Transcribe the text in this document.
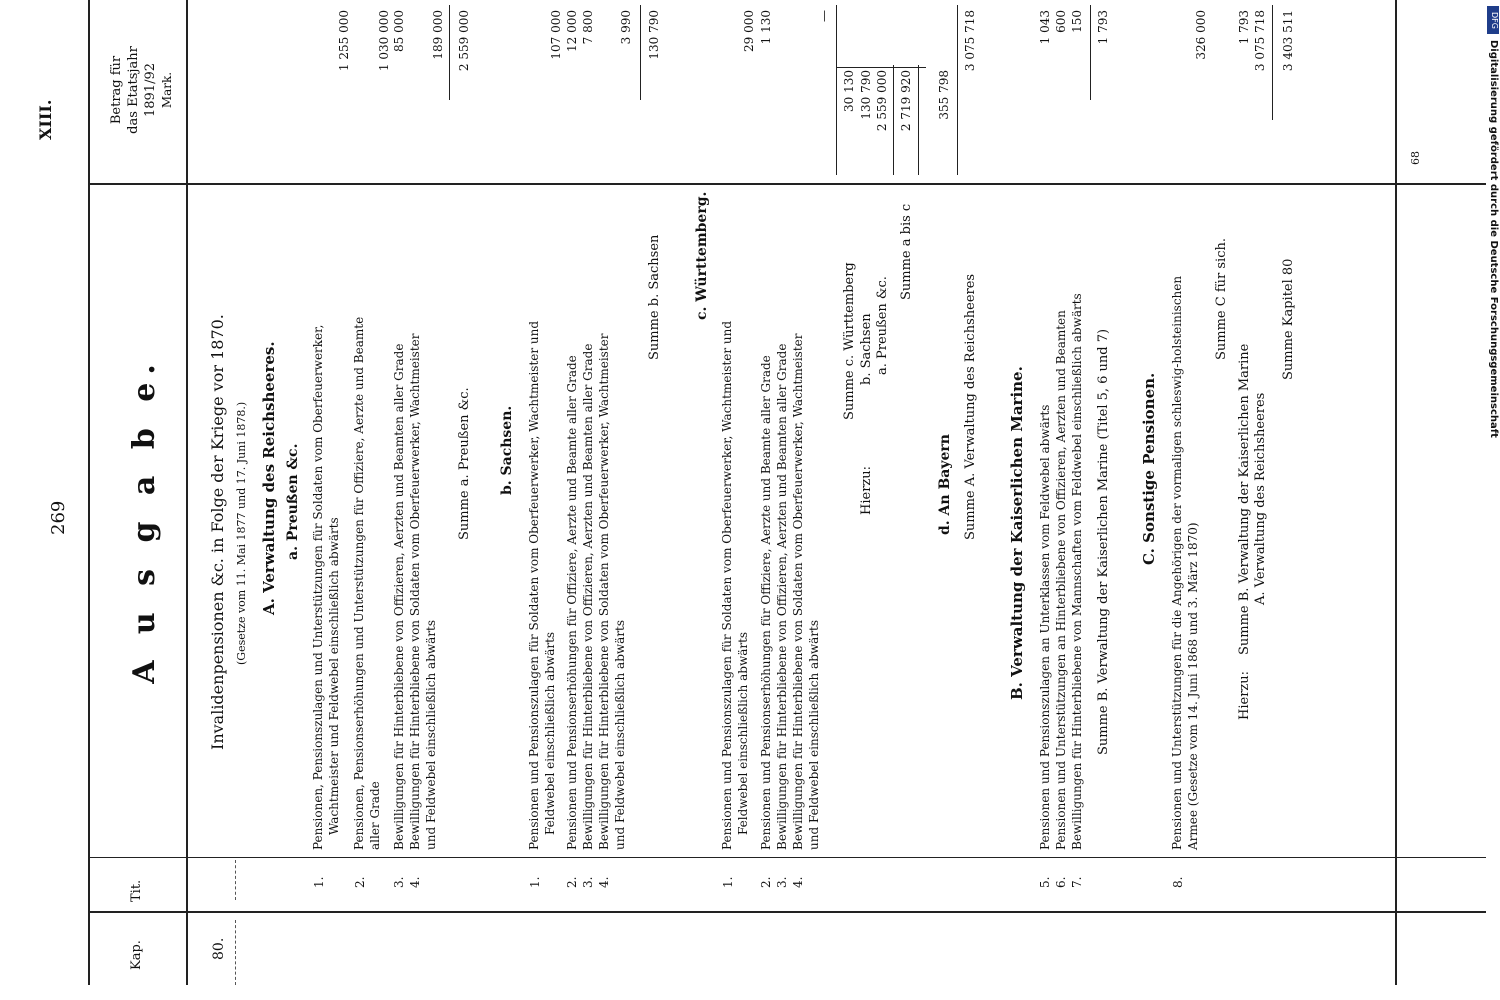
269
XIII.
Kap.
Tit.
Betrag für das Etatsjahr 1891/92 Mark.
A u s g a b e.
80.
Invalidenpensionen &c. in Folge der Kriege vor 1870. (Gesetze vom 11. Mai 1877 und 17. Juni 1878.) A. Verwaltung des Reichsheeres. a. Preußen &c.
1.
Pensionen, Pensionszulagen und Unterstützungen für Soldaten vom Oberfeuerwerker, Wachtmeister und Feldwebel einschließlich abwärts
1 255 000
2.
Pensionen, Pensionserhöhungen und Unterstützungen für Offiziere, Aerzte und Beamte aller Grade
1 030 000
3.
Bewilligungen für Hinterbliebene von Offizieren, Aerzten und Beamten aller Grade
85 000
4.
Bewilligungen für Hinterbliebene von Soldaten vom Oberfeuerwerker, Wachtmeister und Feldwebel einschließlich abwärts
189 000
Summe a. Preußen &c.
2 559 000
b. Sachsen.
1.
Pensionen und Pensionszulagen für Soldaten vom Oberfeuerwerker, Wachtmeister und Feldwebel einschließlich abwärts
107 000
2.
Pensionen und Pensionserhöhungen für Offiziere, Aerzte und Beamte aller Grade
12 000
3.
Bewilligungen für Hinterbliebene von Offizieren, Aerzten und Beamten aller Grade
7 800
4.
Bewilligungen für Hinterbliebene von Soldaten vom Oberfeuerwerker, Wachtmeister und Feldwebel einschließlich abwärts
3 990
Summe b. Sachsen
130 790
c. Württemberg.
1.
Pensionen und Pensionszulagen für Soldaten vom Oberfeuerwerker, Wachtmeister und Feldwebel einschließlich abwärts
29 000
2.
Pensionen und Pensionserhöhungen für Offiziere, Aerzte und Beamte aller Grade
1 130
3.
Bewilligungen für Hinterbliebene von Offizieren, Aerzten und Beamten aller Grade
4.
Bewilligungen für Hinterbliebene von Soldaten vom Oberfeuerwerker, Wachtmeister und Feldwebel einschließlich abwärts
—
Summe c. Württemberg
30 130
Hierzu:
b. Sachsen
130 790
a. Preußen &c.
2 559 000
Summe a bis c
2 719 920
d. An Bayern
355 798
Summe A. Verwaltung des Reichsheeres
3 075 718
B. Verwaltung der Kaiserlichen Marine.
5.
Pensionen und Pensionszulagen an Unterklassen vom Feldwebel abwärts
1 043
6.
Pensionen und Unterstützungen an Hinterbliebene von Offizieren, Aerzten und Beamten
600
7.
Bewilligungen für Hinterbliebene von Mannschaften vom Feldwebel einschließlich abwärts
150
Summe B. Verwaltung der Kaiserlichen Marine (Titel 5, 6 und 7)
1 793
C. Sonstige Pensionen.
8.
Pensionen und Unterstützungen für die Angehörigen der vormaligen schleswig-holsteinischen Armee (Gesetze vom 14. Juni 1868 und 3. März 1870)
326 000
Summe C für sich.
Hierzu:
Summe B. Verwaltung der Kaiserlichen Marine
1 793
A. Verwaltung des Reichsheeres
3 075 718
Summe Kapitel 80
3 403 511
68
DFG
Digitalisierung gefördert durch die Deutsche Forschungsgemeinschaft
